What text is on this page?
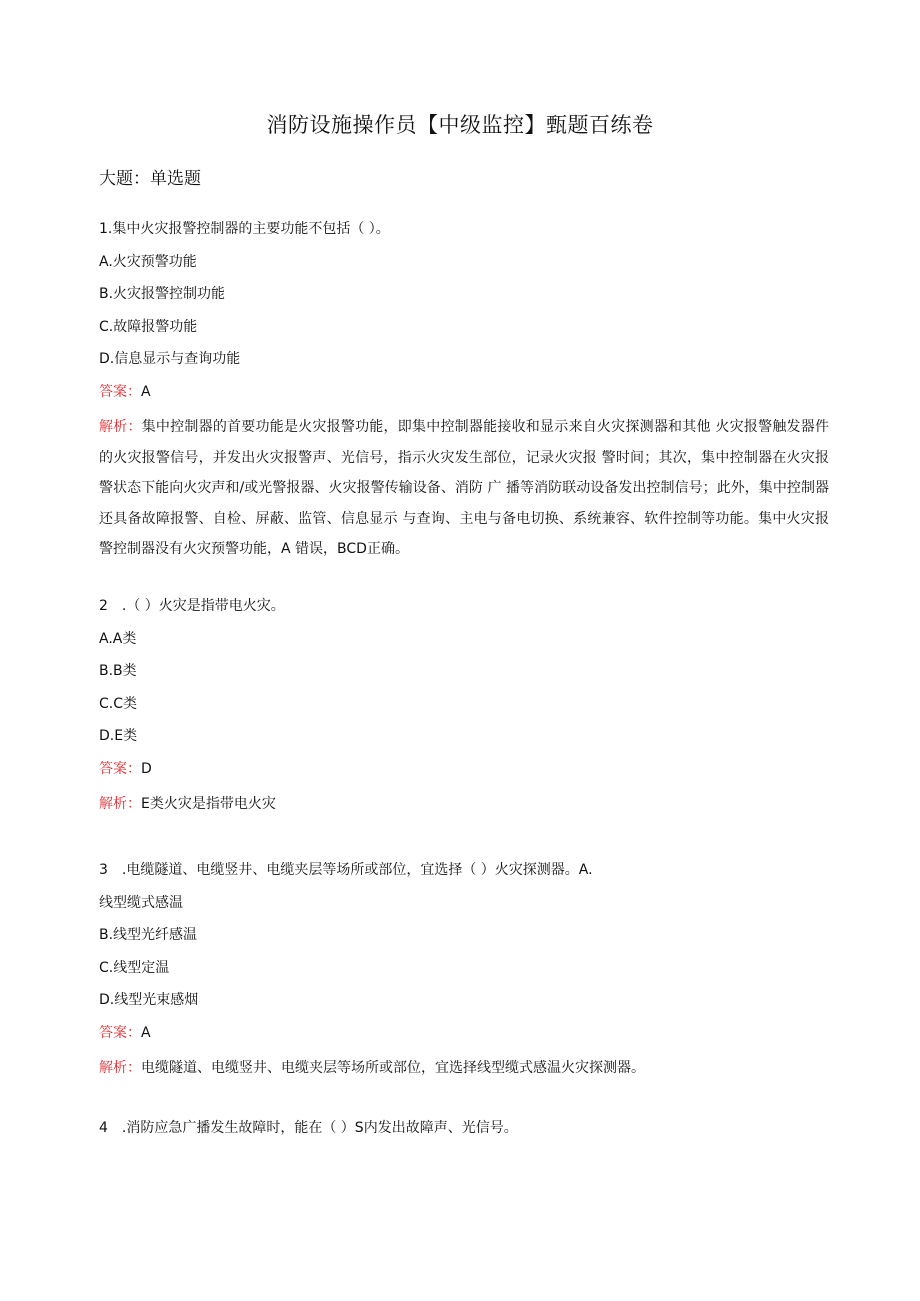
消防设施操作员【中级监控】甄题百练卷
大题：单选题
1.集中火灾报警控制器的主要功能不包括（ ）。
A.火灾预警功能
B.火灾报警控制功能
C.故障报警功能
D.信息显示与查询功能
答案：A
解析：集中控制器的首要功能是火灾报警功能，即集中控制器能接收和显示来自火灾探测器和其他 火灾报警触发器件的火灾报警信号，并发出火灾报警声、光信号，指示火灾发生部位，记录火灾报 警时间；其次，集中控制器在火灾报警状态下能向火灾声和/或光警报器、火灾报警传输设备、消防 广 播等消防联动设备发出控制信号；此外，集中控制器还具备故障报警、自检、屏蔽、监管、信息显示 与查询、主电与备电切换、系统兼容、软件控制等功能。集中火灾报警控制器没有火灾预警功能，A 错误，BCD正确。
2　.（ ）火灾是指带电火灾。
A.A类
B.B类
C.C类
D.E类
答案：D
解析：E类火灾是指带电火灾
3　.电缆隧道、电缆竖井、电缆夹层等场所或部位，宜选择（ ）火灾探测器。A.
线型缆式感温
B.线型光纤感温
C.线型定温
D.线型光束感烟
答案：A
解析：电缆隧道、电缆竖井、电缆夹层等场所或部位，宜选择线型缆式感温火灾探测器。
4　.消防应急广播发生故障时，能在（ ）S内发出故障声、光信号。
